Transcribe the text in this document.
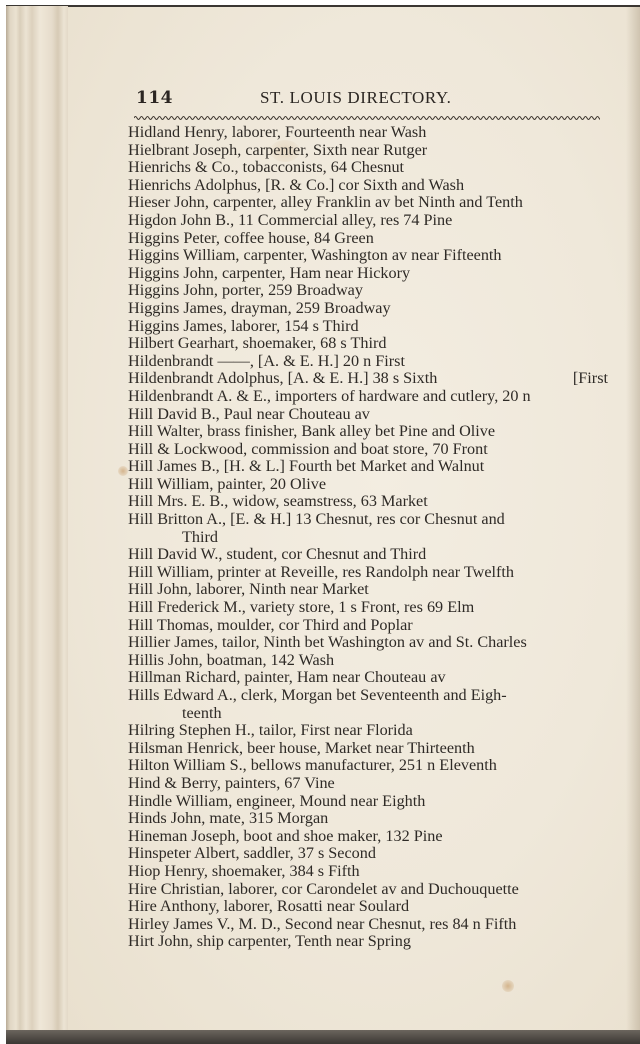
114	ST. LOUIS DIRECTORY.
Hidland Henry, laborer, Fourteenth near Wash
Hielbrant Joseph, carpenter, Sixth near Rutger
Hienrichs & Co., tobacconists, 64 Chesnut
Hienrichs Adolphus, [R. & Co.] cor Sixth and Wash
Hieser John, carpenter, alley Franklin av bet Ninth and Tenth
Higdon John B., 11 Commercial alley, res 74 Pine
Higgins Peter, coffee house, 84 Green
Higgins William, carpenter, Washington av near Fifteenth
Higgins John, carpenter, Ham near Hickory
Higgins John, porter, 259 Broadway
Higgins James, drayman, 259 Broadway
Higgins James, laborer, 154 s Third
Hilbert Gearhart, shoemaker, 68 s Third
Hildenbrandt ——, [A. & E. H.] 20 n First
Hildenbrandt Adolphus, [A. & E. H.] 38 s Sixth	[First
Hildenbrandt A. & E., importers of hardware and cutlery, 20 n
Hill David B., Paul near Chouteau av
Hill Walter, brass finisher, Bank alley bet Pine and Olive
Hill & Lockwood, commission and boat store, 70 Front
Hill James B., [H. & L.] Fourth bet Market and Walnut
Hill William, painter, 20 Olive
Hill Mrs. E. B., widow, seamstress, 63 Market
Hill Britton A., [E. & H.] 13 Chesnut, res cor Chesnut and
Third
Hill David W., student, cor Chesnut and Third
Hill William, printer at Reveille, res Randolph near Twelfth
Hill John, laborer, Ninth near Market
Hill Frederick M., variety store, 1 s Front, res 69 Elm
Hill Thomas, moulder, cor Third and Poplar
Hillier James, tailor, Ninth bet Washington av and St. Charles
Hillis John, boatman, 142 Wash
Hillman Richard, painter, Ham near Chouteau av
Hills Edward A., clerk, Morgan bet Seventeenth and Eigh-
teenth
Hilring Stephen H., tailor, First near Florida
Hilsman Henrick, beer house, Market near Thirteenth
Hilton William S., bellows manufacturer, 251 n Eleventh
Hind & Berry, painters, 67 Vine
Hindle William, engineer, Mound near Eighth
Hinds John, mate, 315 Morgan
Hineman Joseph, boot and shoe maker, 132 Pine
Hinspeter Albert, saddler, 37 s Second
Hiop Henry, shoemaker, 384 s Fifth
Hire Christian, laborer, cor Carondelet av and Duchouquette
Hire Anthony, laborer, Rosatti near Soulard
Hirley James V., M. D., Second near Chesnut, res 84 n Fifth
Hirt John, ship carpenter, Tenth near Spring
